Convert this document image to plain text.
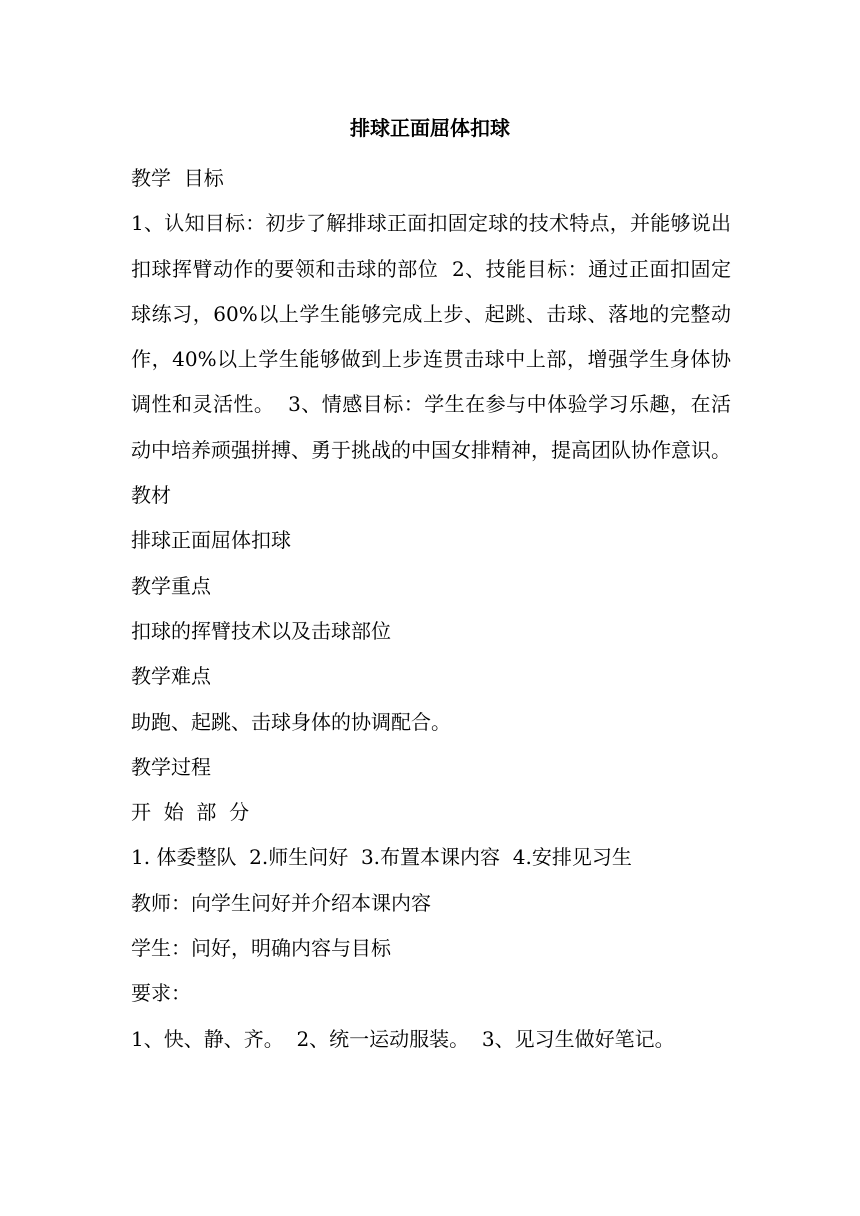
排球正面屈体扣球

教学  目标

1、认知目标：初步了解排球正面扣固定球的技术特点，并能够说出扣球挥臂动作的要领和击球的部位  2、技能目标：通过正面扣固定球练习，60%以上学生能够完成上步、起跳、击球、落地的完整动作，40%以上学生能够做到上步连贯击球中上部，增强学生身体协调性和灵活性。  3、情感目标：学生在参与中体验学习乐趣，在活动中培养顽强拼搏、勇于挑战的中国女排精神，提高团队协作意识。

教材

排球正面屈体扣球

教学重点

扣球的挥臂技术以及击球部位

教学难点

助跑、起跳、击球身体的协调配合。

教学过程

开  始  部  分

1. 体委整队  2.师生问好  3.布置本课内容  4.安排见习生

教师：向学生问好并介绍本课内容

学生：问好，明确内容与目标

要求：

1、快、静、齐。  2、统一运动服装。  3、见习生做好笔记。
